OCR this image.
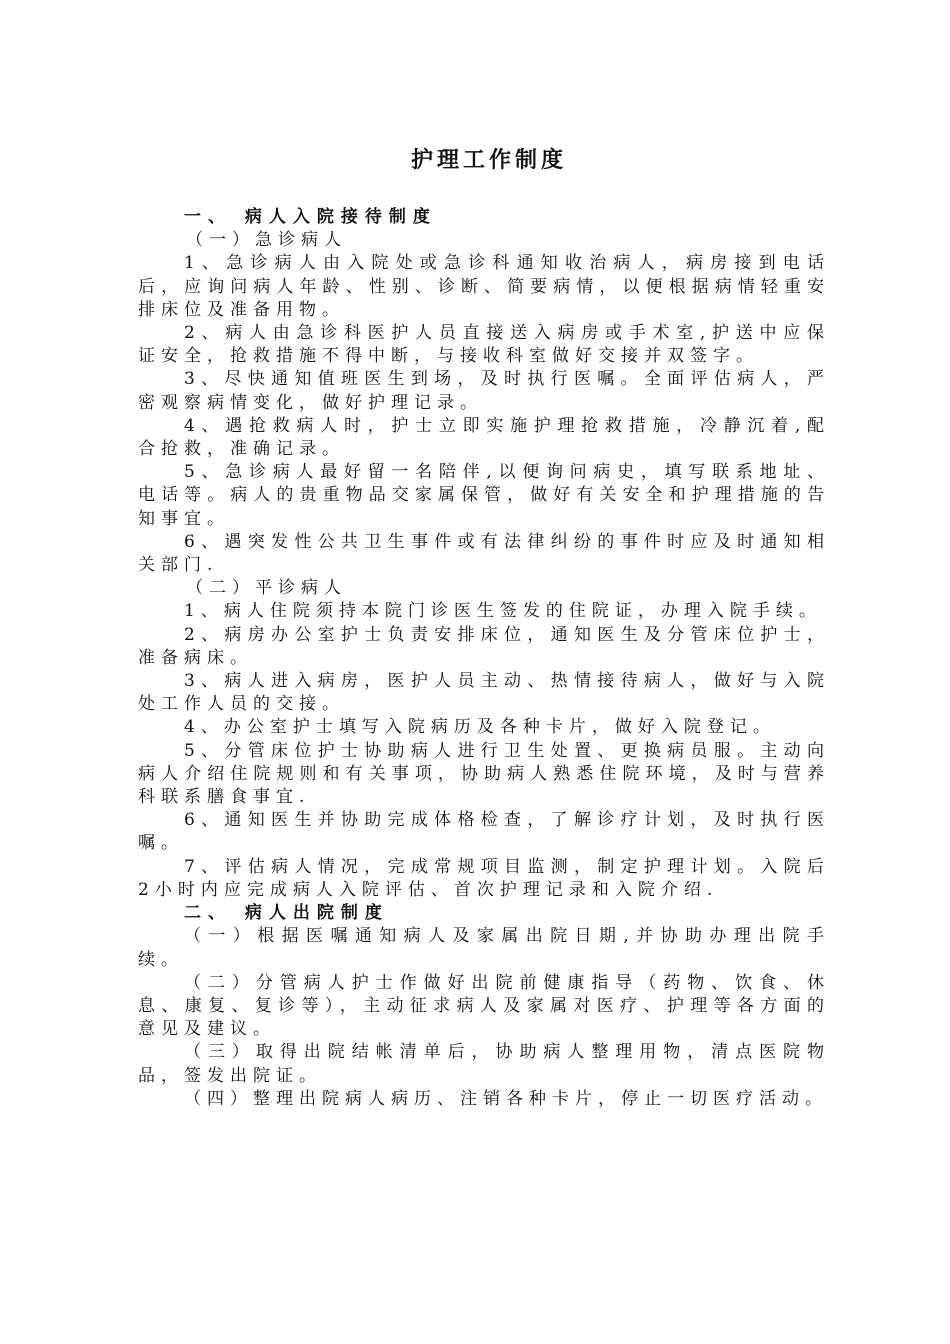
护理工作制度

一、 病人入院接待制度

（一）急诊病人

1、急诊病人由入院处或急诊科通知收治病人，病房接到电话后，应询问病人年龄、性别、诊断、简要病情，以便根据病情轻重安排床位及准备用物。

2、病人由急诊科医护人员直接送入病房或手术室,护送中应保证安全，抢救措施不得中断，与接收科室做好交接并双签字。

3、尽快通知值班医生到场，及时执行医嘱。全面评估病人，严密观察病情变化，做好护理记录。

4、遇抢救病人时，护士立即实施护理抢救措施，冷静沉着,配合抢救，准确记录。

5、急诊病人最好留一名陪伴,以便询问病史，填写联系地址、电话等。病人的贵重物品交家属保管，做好有关安全和护理措施的告知事宜。

6、遇突发性公共卫生事件或有法律纠纷的事件时应及时通知相关部门.

（二）平诊病人

1、病人住院须持本院门诊医生签发的住院证，办理入院手续。

2、病房办公室护士负责安排床位，通知医生及分管床位护士，准备病床。

3、病人进入病房，医护人员主动、热情接待病人，做好与入院处工作人员的交接。

4、办公室护士填写入院病历及各种卡片，做好入院登记。

5、分管床位护士协助病人进行卫生处置、更换病员服。主动向病人介绍住院规则和有关事项，协助病人熟悉住院环境，及时与营养科联系膳食事宜.

6、通知医生并协助完成体格检查，了解诊疗计划，及时执行医嘱。

7、评估病人情况，完成常规项目监测，制定护理计划。入院后2小时内应完成病人入院评估、首次护理记录和入院介绍.

二、 病人出院制度

（一）根据医嘱通知病人及家属出院日期,并协助办理出院手续。

（二）分管病人护士作做好出院前健康指导（药物、饮食、休息、康复、复诊等），主动征求病人及家属对医疗、护理等各方面的意见及建议。

（三）取得出院结帐清单后，协助病人整理用物，清点医院物品，签发出院证。

（四）整理出院病人病历、注销各种卡片，停止一切医疗活动。
